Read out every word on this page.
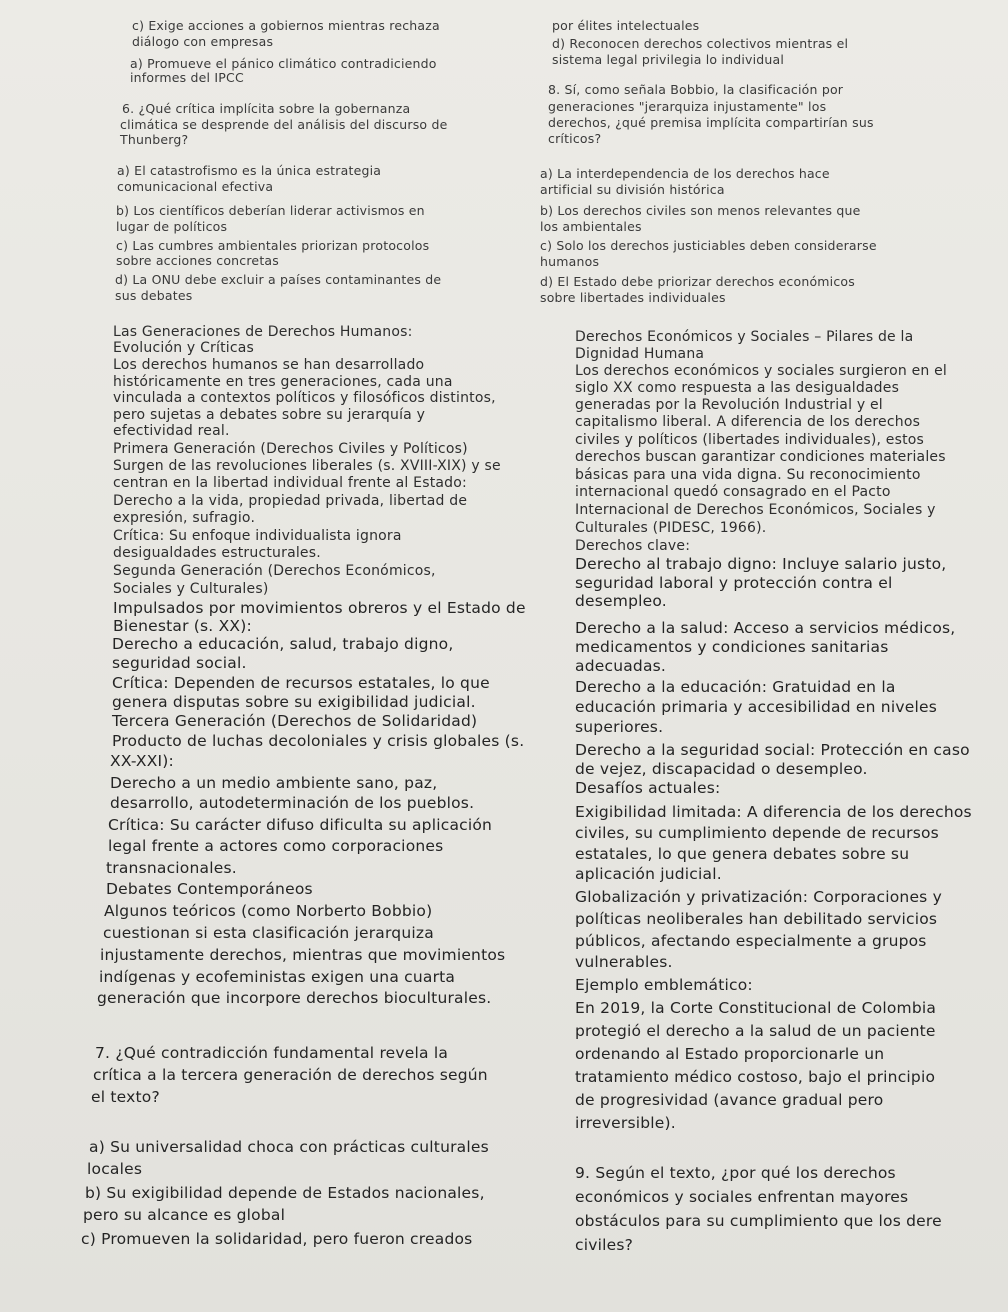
c) Exige acciones a gobiernos mientras rechaza
diálogo con empresas
a) Promueve el pánico climático contradiciendo
informes del IPCC
6. ¿Qué crítica implícita sobre la gobernanza
climática se desprende del análisis del discurso de
Thunberg?
a) El catastrofismo es la única estrategia
comunicacional efectiva
b) Los científicos deberían liderar activismos en
lugar de políticos
c) Las cumbres ambientales priorizan protocolos
sobre acciones concretas
d) La ONU debe excluir a países contaminantes de
sus debates
Las Generaciones de Derechos Humanos:
Evolución y Críticas
Los derechos humanos se han desarrollado
históricamente en tres generaciones, cada una
vinculada a contextos políticos y filosóficos distintos,
pero sujetas a debates sobre su jerarquía y
efectividad real.
Primera Generación (Derechos Civiles y Políticos)
Surgen de las revoluciones liberales (s. XVIII-XIX) y se
centran en la libertad individual frente al Estado:
Derecho a la vida, propiedad privada, libertad de
expresión, sufragio.
Crítica: Su enfoque individualista ignora
desigualdades estructurales.
Segunda Generación (Derechos Económicos,
Sociales y Culturales)
Impulsados por movimientos obreros y el Estado de
Bienestar (s. XX):
Derecho a educación, salud, trabajo digno,
seguridad social.
Crítica: Dependen de recursos estatales, lo que
genera disputas sobre su exigibilidad judicial.
Tercera Generación (Derechos de Solidaridad)
Producto de luchas decoloniales y crisis globales (s.
XX-XXI):
Derecho a un medio ambiente sano, paz,
desarrollo, autodeterminación de los pueblos.
Crítica: Su carácter difuso dificulta su aplicación
legal frente a actores como corporaciones
transnacionales.
Debates Contemporáneos
Algunos teóricos (como Norberto Bobbio)
cuestionan si esta clasificación jerarquiza
injustamente derechos, mientras que movimientos
indígenas y ecofeministas exigen una cuarta
generación que incorpore derechos bioculturales.
7. ¿Qué contradicción fundamental revela la
crítica a la tercera generación de derechos según
el texto?
a) Su universalidad choca con prácticas culturales
locales
b) Su exigibilidad depende de Estados nacionales,
pero su alcance es global
c) Promueven la solidaridad, pero fueron creados
por élites intelectuales
d) Reconocen derechos colectivos mientras el
sistema legal privilegia lo individual
8. Sí, como señala Bobbio, la clasificación por
generaciones "jerarquiza injustamente" los
derechos, ¿qué premisa implícita compartirían sus
críticos?
a) La interdependencia de los derechos hace
artificial su división histórica
b) Los derechos civiles son menos relevantes que
los ambientales
c) Solo los derechos justiciables deben considerarse
humanos
d) El Estado debe priorizar derechos económicos
sobre libertades individuales
Derechos Económicos y Sociales – Pilares de la
Dignidad Humana
Los derechos económicos y sociales surgieron en el
siglo XX como respuesta a las desigualdades
generadas por la Revolución Industrial y el
capitalismo liberal. A diferencia de los derechos
civiles y políticos (libertades individuales), estos
derechos buscan garantizar condiciones materiales
básicas para una vida digna. Su reconocimiento
internacional quedó consagrado en el Pacto
Internacional de Derechos Económicos, Sociales y
Culturales (PIDESC, 1966).
Derechos clave:
Derecho al trabajo digno: Incluye salario justo,
seguridad laboral y protección contra el
desempleo.
Derecho a la salud: Acceso a servicios médicos,
medicamentos y condiciones sanitarias
adecuadas.
Derecho a la educación: Gratuidad en la
educación primaria y accesibilidad en niveles
superiores.
Derecho a la seguridad social: Protección en caso
de vejez, discapacidad o desempleo.
Desafíos actuales:
Exigibilidad limitada: A diferencia de los derechos
civiles, su cumplimiento depende de recursos
estatales, lo que genera debates sobre su
aplicación judicial.
Globalización y privatización: Corporaciones y
políticas neoliberales han debilitado servicios
públicos, afectando especialmente a grupos
vulnerables.
Ejemplo emblemático:
En 2019, la Corte Constitucional de Colombia
protegió el derecho a la salud de un paciente
ordenando al Estado proporcionarle un
tratamiento médico costoso, bajo el principio
de progresividad (avance gradual pero
irreversible).
9. Según el texto, ¿por qué los derechos
económicos y sociales enfrentan mayores
obstáculos para su cumplimiento que los dere
civiles?
